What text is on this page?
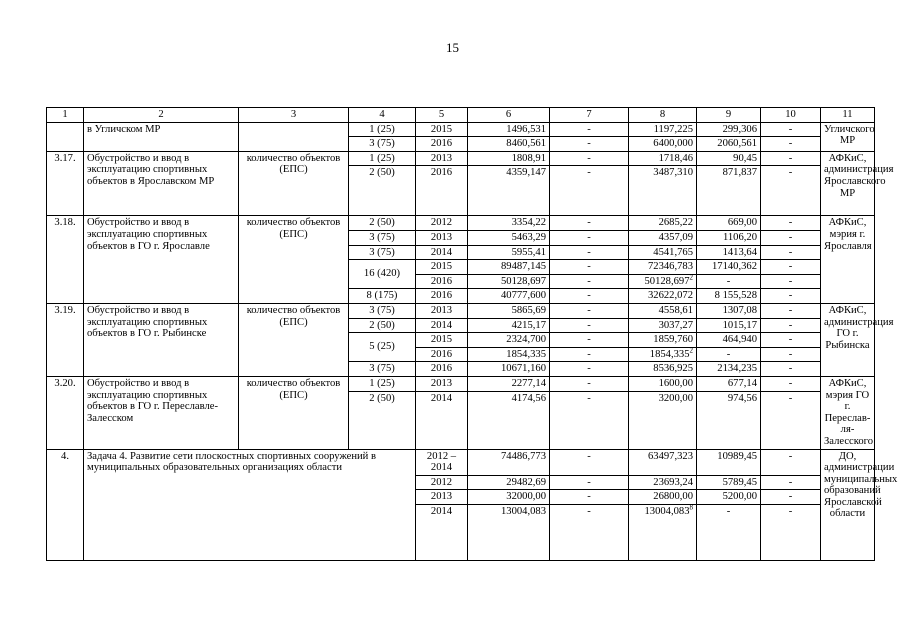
15
1	2	3	4	5	6	7	8	9	10	11
	в Угличском МР		1 (25)	2015	1496,531	-	1197,225	299,306	-	Угличского МР
			3 (75)	2016	8460,561	-	6400,000	2060,561	-	
3.17.	Обустройство и ввод в эксплуатацию спортивных объектов в Ярославском МР	количество объектов (ЕПС)	1 (25)	2013	1808,91	-	1718,46	90,45	-	АФКиС, администрация Ярославского МР
			2 (50)	2016	4359,147	-	3487,310	871,837	-	
3.18.	Обустройство и ввод в эксплуатацию спортивных объектов в ГО г. Ярославле	количество объектов (ЕПС)	2 (50)	2012	3354,22	-	2685,22	669,00	-	АФКиС, мэрия г. Ярославля
			3 (75)	2013	5463,29	-	4357,09	1106,20	-	
			3 (75)	2014	5955,41	-	4541,765	1413,64	-	
			16 (420)	2015	89487,145	-	72346,783	17140,362	-	
				2016	50128,697	-	50128,697$^2$	-	-	
			8 (175)	2016	40777,600	-	32622,072	8 155,528	-	

3.19.	Обустройство и ввод в эксплуатацию спортивных объектов в ГО г. Рыбинске	количество объектов (ЕПС)	3 (75)	2013	5865,69	-	4558,61	1307,08	-	АФКиС, администрация ГО г. Рыбинска
			2 (50)	2014	4215,17	-	3037,27	1015,17	-	
			5 (25)	2015	2324,700	-	1859,760	464,940	-	
				2016	1854,335	-	1854,335$^2$	-	-	
			3 (75)	2016	10671,160	-	8536,925	2134,235	-	
3.20.	Обустройство и ввод в эксплуатацию спортивных объектов в ГО г. Переславле-Залесском	количество объектов (ЕПС)	1 (25)	2013	2277,14	-	1600,00	677,14	-	АФКиС, мэрия ГО г. Переслав-ля-Залесского
			2 (50)	2014	4174,56	-	3200,00	974,56	-	
4.	Задача 4. Развитие сети плоскостных спортивных сооружений в муниципальных образовательных организациях области			2012 – 2014	74486,773	-	63497,323	10989,45	-	ДО, администрации муниципальных образований Ярославской области
				2012	29482,69	-	23693,24	5789,45	-	
				2013	32000,00	-	26800,00	5200,00	-	
				2014	13004,083	-	13004,083$^8$	-	-	
